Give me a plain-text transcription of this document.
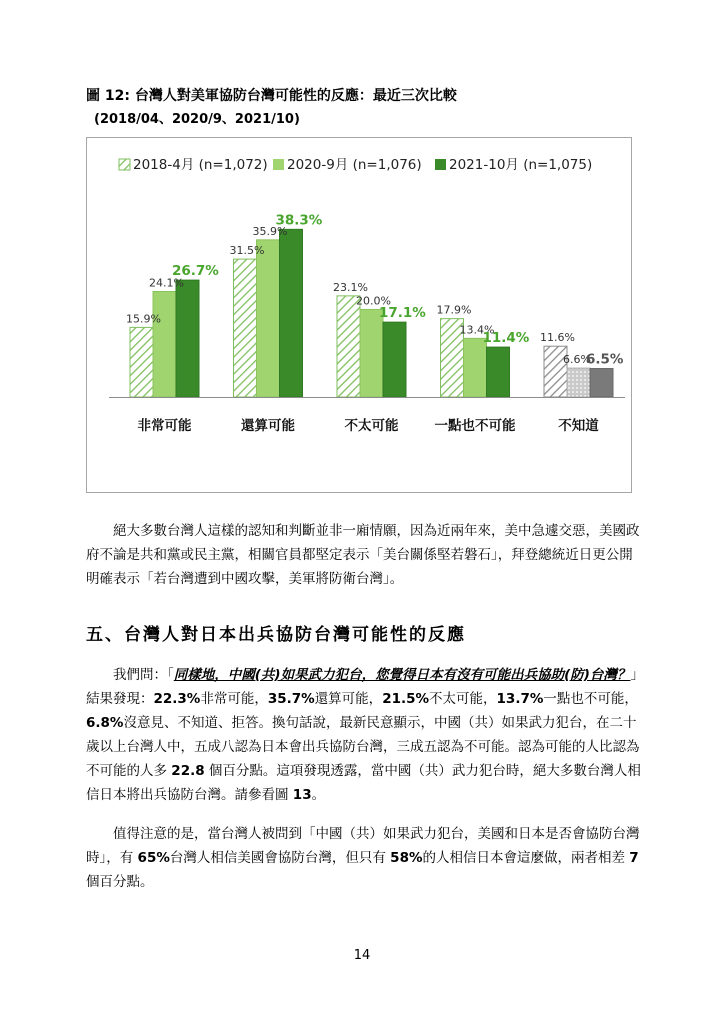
圖 12: 台灣人對美軍協防台灣可能性的反應：最近三次比較
(2018/04、2020/9、2021/10)
2018-4月 (n=1,072) 2020-9月 (n=1,076) 2021-10月 (n=1,075)
15.9%
24.1%
26.7%
31.5%
35.9%
38.3%
23.1%
20.0%
17.1% 17.9%
13.4%
11.4% 11.6%
6.6%
6.5%
非常可能	還算可能	不太可能	一點也不可能	不知道

絕大多數台灣人這樣的認知和判斷並非一廂情願，因為近兩年來，美中急遽交惡，美國政府不論是共和黨或民主黨，相關官員都堅定表示「美台關係堅若磐石」，拜登總統近日更公開明確表示「若台灣遭到中國攻擊，美軍將防衛台灣」。

五、台灣人對日本出兵協防台灣可能性的反應

我們問：「同樣地，中國(共)如果武力犯台，您覺得日本有沒有可能出兵協助(防)台灣？」結果發現：22.3%非常可能，35.7%還算可能，21.5%不太可能，13.7%一點也不可能，6.8%沒意見、不知道、拒答。換句話說，最新民意顯示，中國（共）如果武力犯台，在二十歲以上台灣人中，五成八認為日本會出兵協防台灣，三成五認為不可能。認為可能的人比認為不可能的人多 22.8 個百分點。這項發現透露，當中國（共）武力犯台時，絕大多數台灣人相信日本將出兵協防台灣。請參看圖 13。

值得注意的是，當台灣人被問到「中國（共）如果武力犯台，美國和日本是否會協防台灣時」，有 65%台灣人相信美國會協防台灣，但只有 58%的人相信日本會這麼做，兩者相差 7 個百分點。

14
